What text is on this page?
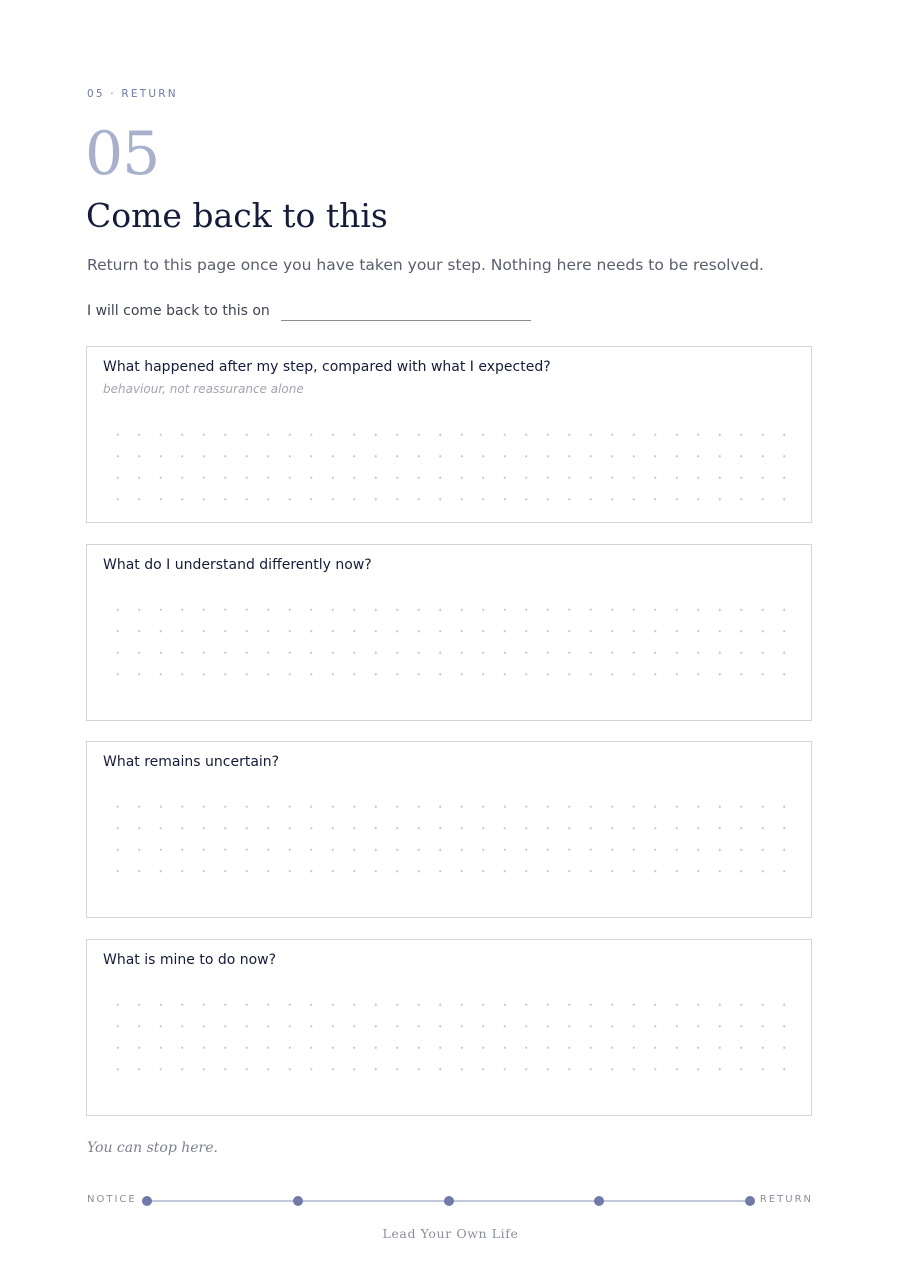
05 · RETURN
05
Come back to this
Return to this page once you have taken your step. Nothing here needs to be resolved.
I will come back to this on
What happened after my step, compared with what I expected?
behaviour, not reassurance alone
What do I understand differently now?
What remains uncertain?
What is mine to do now?
You can stop here.
NOTICE	RETURN
Lead Your Own Life
